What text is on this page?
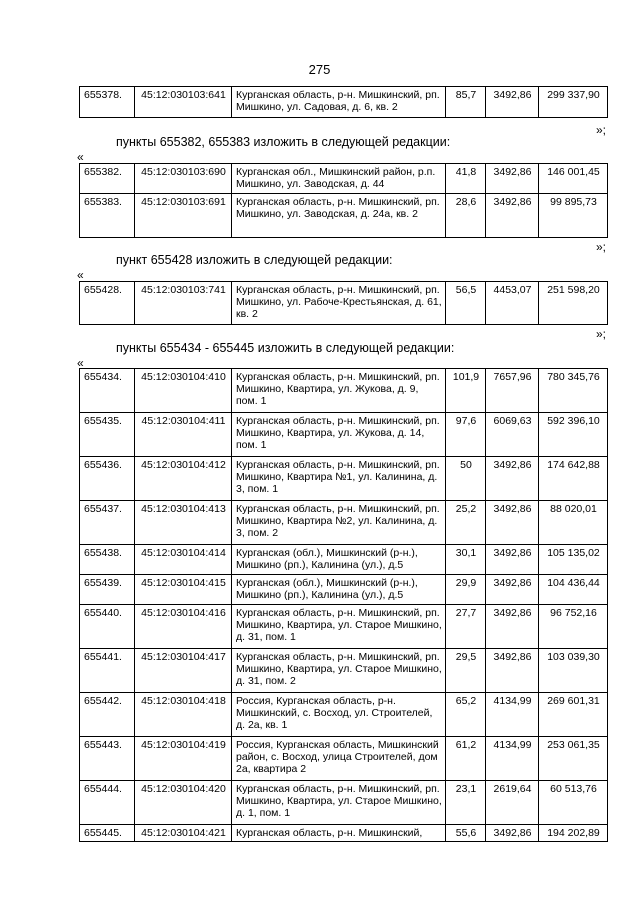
275
655378.	45:12:030103:641	Курганская область, р-н. Мишкинский, рп. Мишкино, ул. Садовая, д. 6, кв. 2	85,7	3492,86	299 337,90
»;
пункты 655382, 655383 изложить в следующей редакции:
«
655382.	45:12:030103:690	Курганская обл., Мишкинский район, р.п. Мишкино, ул. Заводская, д. 44	41,8	3492,86	146 001,45
655383.	45:12:030103:691	Курганская область, р-н. Мишкинский, рп. Мишкино, ул. Заводская, д. 24а, кв. 2	28,6	3492,86	99 895,73
»;
пункт 655428 изложить в следующей редакции:
«
655428.	45:12:030103:741	Курганская область, р-н. Мишкинский, рп. Мишкино, ул. Рабоче-Крестьянская, д. 61, кв. 2	56,5	4453,07	251 598,20
»;
пункты 655434 - 655445 изложить в следующей редакции:
«
655434.	45:12:030104:410	Курганская область, р-н. Мишкинский, рп. Мишкино, Квартира, ул. Жукова, д. 9, пом. 1	101,9	7657,96	780 345,76
655435.	45:12:030104:411	Курганская область, р-н. Мишкинский, рп. Мишкино, Квартира, ул. Жукова, д. 14, пом. 1	97,6	6069,63	592 396,10
655436.	45:12:030104:412	Курганская область, р-н. Мишкинский, рп. Мишкино, Квартира №1, ул. Калинина, д. 3, пом. 1	50	3492,86	174 642,88
655437.	45:12:030104:413	Курганская область, р-н. Мишкинский, рп. Мишкино, Квартира №2, ул. Калинина, д. 3, пом. 2	25,2	3492,86	88 020,01
655438.	45:12:030104:414	Курганская (обл.), Мишкинский (р-н.), Мишкино (рп.), Калинина (ул.), д.5	30,1	3492,86	105 135,02
655439.	45:12:030104:415	Курганская (обл.), Мишкинский (р-н.), Мишкино (рп.), Калинина (ул.), д.5	29,9	3492,86	104 436,44
655440.	45:12:030104:416	Курганская область, р-н. Мишкинский, рп. Мишкино, Квартира, ул. Старое Мишкино, д. 31, пом. 1	27,7	3492,86	96 752,16
655441.	45:12:030104:417	Курганская область, р-н. Мишкинский, рп. Мишкино, Квартира, ул. Старое Мишкино, д. 31, пом. 2	29,5	3492,86	103 039,30
655442.	45:12:030104:418	Россия, Курганская область, р-н. Мишкинский, с. Восход, ул. Строителей, д. 2а, кв. 1	65,2	4134,99	269 601,31
655443.	45:12:030104:419	Россия, Курганская область, Мишкинский район, с. Восход, улица Строителей, дом 2а, квартира 2	61,2	4134,99	253 061,35
655444.	45:12:030104:420	Курганская область, р-н. Мишкинский, рп. Мишкино, Квартира, ул. Старое Мишкино, д. 1, пом. 1	23,1	2619,64	60 513,76
655445.	45:12:030104:421	Курганская область, р-н. Мишкинский,	55,6	3492,86	194 202,89
